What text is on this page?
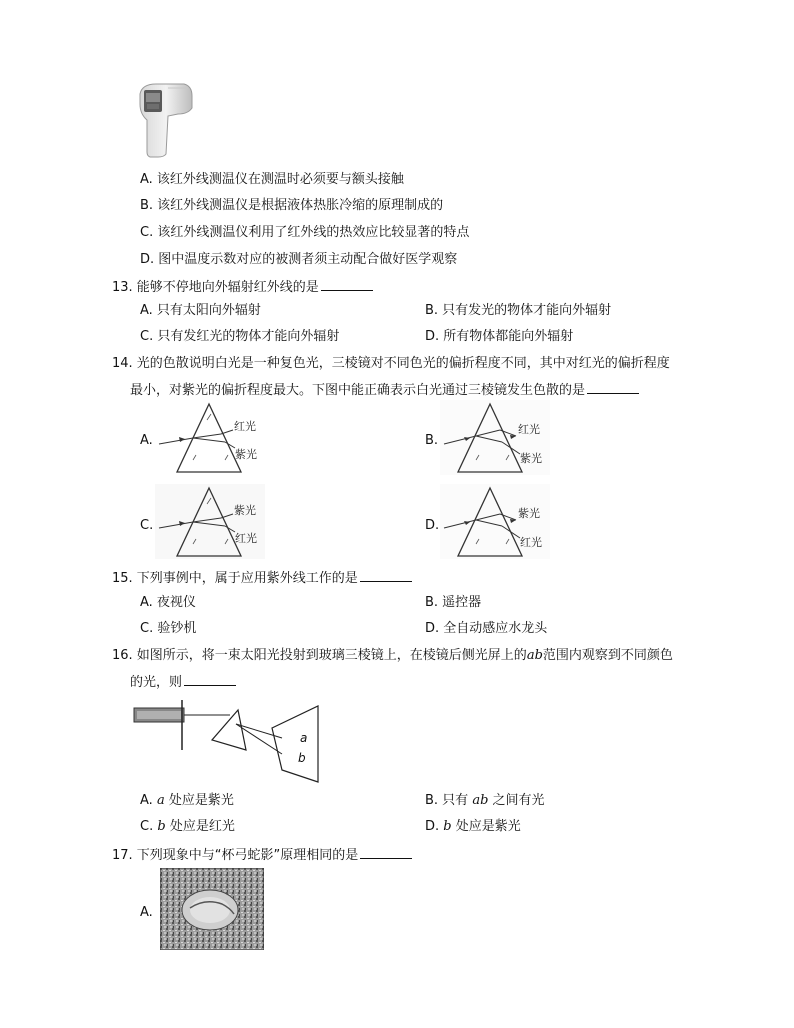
A. 该红外线测温仪在测温时必须要与额头接触
B. 该红外线测温仪是根据液体热胀冷缩的原理制成的
C. 该红外线测温仪利用了红外线的热效应比较显著的特点
D. 图中温度示数对应的被测者须主动配合做好医学观察
13. 能够不停地向外辐射红外线的是
A. 只有太阳向外辐射	B. 只有发光的物体才能向外辐射
C. 只有发红光的物体才能向外辐射	D. 所有物体都能向外辐射
14. 光的色散说明白光是一种复色光，三棱镜对不同色光的偏折程度不同，其中对红光的偏折程度
最小，对紫光的偏折程度最大。下图中能正确表示白光通过三棱镜发生色散的是
A.
红光
紫光
B.
红光
紫光
C.
紫光
红光
D.
紫光
红光
15. 下列事例中，属于应用紫外线工作的是
A. 夜视仪	B. 遥控器
C. 验钞机	D. 全自动感应水龙头
16. 如图所示，将一束太阳光投射到玻璃三棱镜上，在棱镜后侧光屏上的ab范围内观察到不同颜色
的光，则
a
b
A. a 处应是紫光	B. 只有 ab 之间有光
C. b 处应是红光	D. b 处应是紫光
17. 下列现象中与“杯弓蛇影”原理相同的是
A.
